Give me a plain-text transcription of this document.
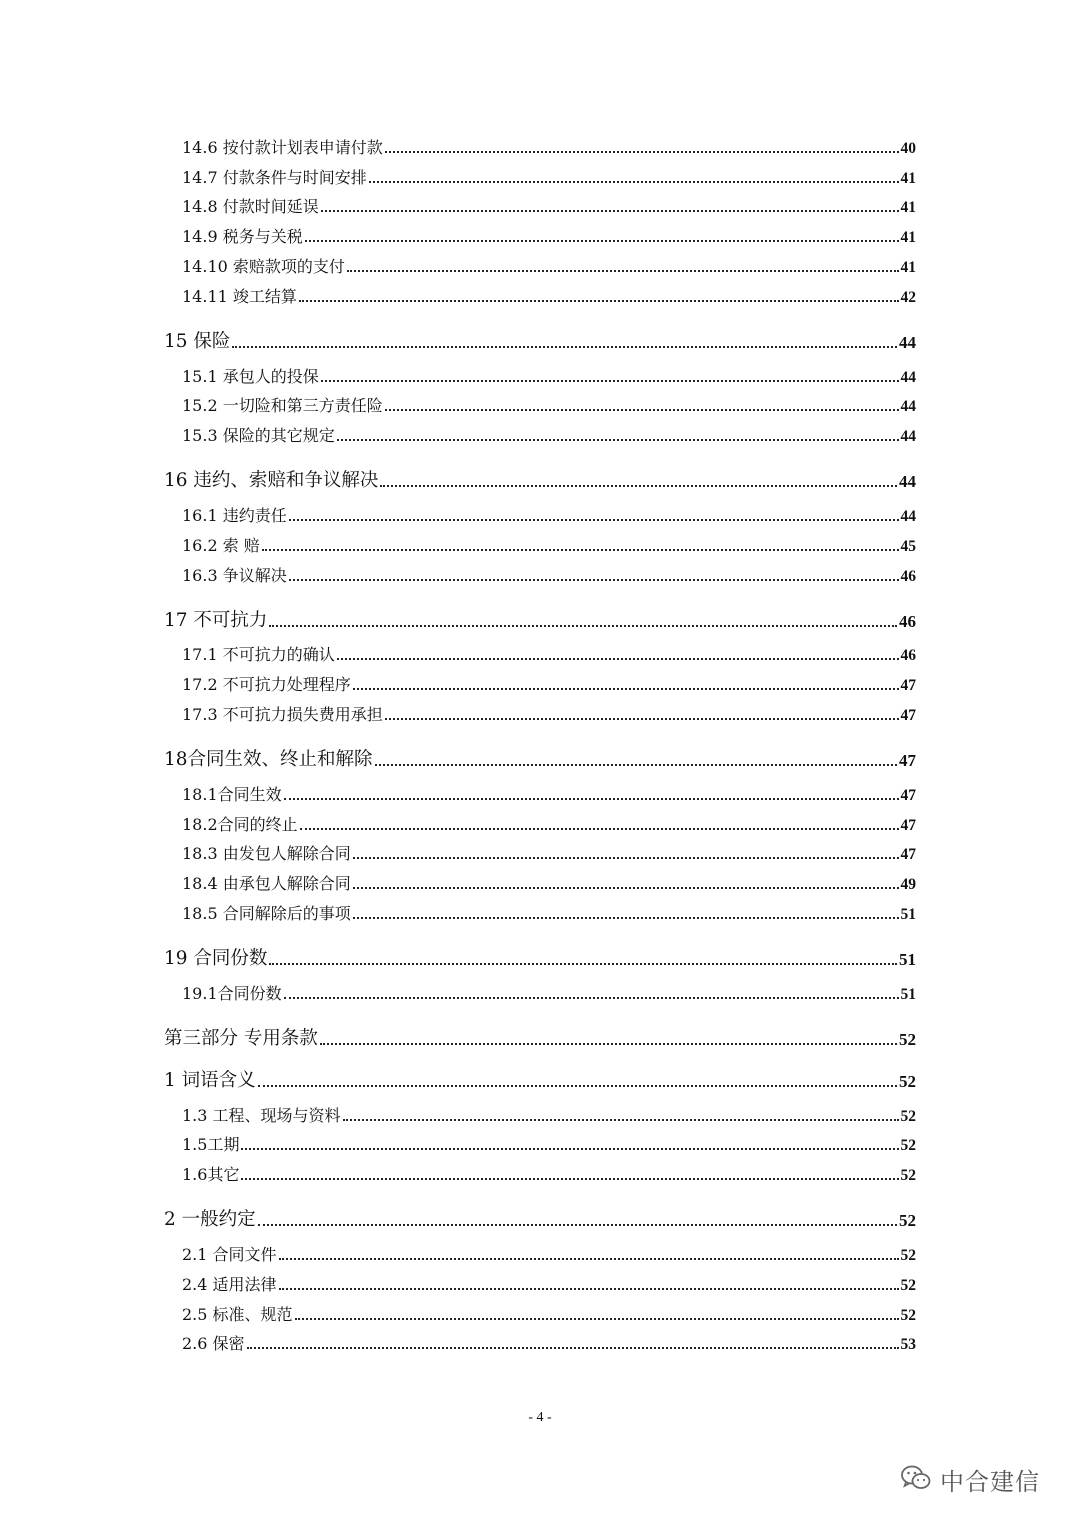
14.6 按付款计划表申请付款	40
14.7 付款条件与时间安排	41
14.8 付款时间延误	41
14.9 税务与关税	41
14.10 索赔款项的支付	41
14.11 竣工结算	42
15 保险	44
15.1 承包人的投保	44
15.2 一切险和第三方责任险	44
15.3 保险的其它规定	44
16 违约、索赔和争议解决	44
16.1 违约责任	44
16.2 索 赔	45
16.3 争议解决	46
17 不可抗力	46
17.1 不可抗力的确认	46
17.2 不可抗力处理程序	47
17.3 不可抗力损失费用承担	47
18合同生效、终止和解除	47
18.1合同生效	47
18.2合同的终止	47
18.3 由发包人解除合同	47
18.4 由承包人解除合同	49
18.5 合同解除后的事项	51
19 合同份数	51
19.1合同份数	51
第三部分 专用条款	52
1 词语含义	52
1.3 工程、现场与资料	52
1.5工期	52
1.6其它	52
2 一般约定	52
2.1 合同文件	52
2.4 适用法律	52
2.5 标准、规范	52
2.6 保密	53
- 4 -
中合建信
